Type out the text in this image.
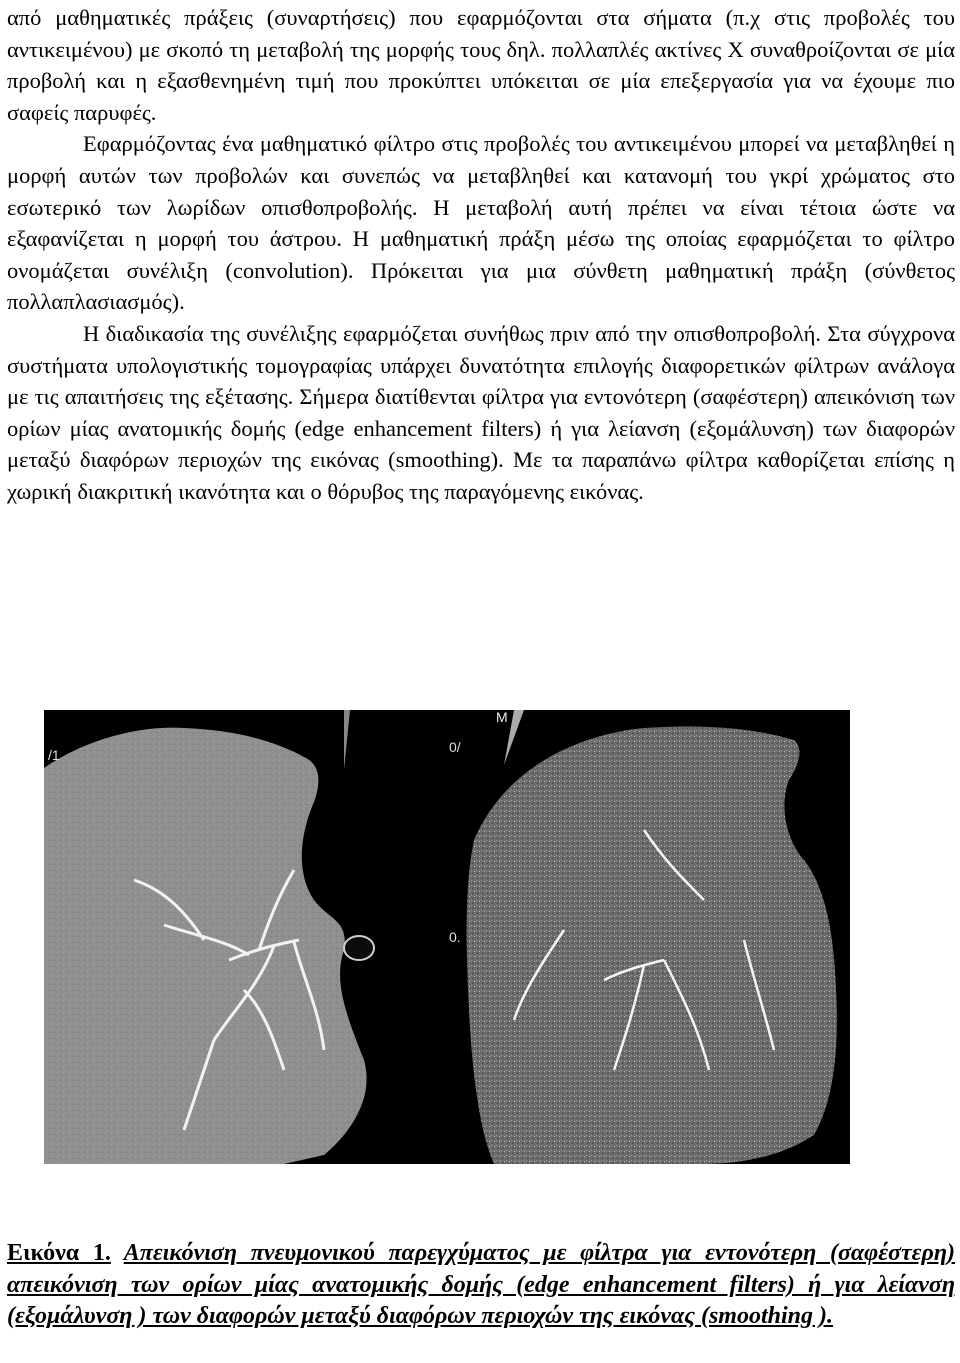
από μαθηματικές πράξεις (συναρτήσεις) που εφαρμόζονται στα σήματα (π.χ στις προβολές του αντικειμένου) με σκοπό τη μεταβολή της μορφής τους δηλ. πολλαπλές ακτίνες X συναθροίζονται σε μία προβολή και η εξασθενημένη τιμή που προκύπτει υπόκειται σε μία επεξεργασία για να έχουμε πιο σαφείς παρυφές.

Εφαρμόζοντας ένα μαθηματικό φίλτρο στις προβολές του αντικειμένου μπορεί να μεταβληθεί η μορφή αυτών των προβολών και συνεπώς να μεταβληθεί και κατανομή του γκρί χρώματος στο εσωτερικό των λωρίδων οπισθοπροβολής. Η μεταβολή αυτή πρέπει να είναι τέτοια ώστε να εξαφανίζεται η μορφή του άστρου. Η μαθηματική πράξη μέσω της οποίας εφαρμόζεται το φίλτρο ονομάζεται συνέλιξη (convolution). Πρόκειται για μια σύνθετη μαθηματική πράξη (σύνθετος πολλαπλασιασμός).

Η διαδικασία της συνέλιξης εφαρμόζεται συνήθως πριν από την οπισθοπροβολή. Στα σύγχρονα συστήματα υπολογιστικής τομογραφίας υπάρχει δυνατότητα επιλογής διαφορετικών φίλτρων ανάλογα με τις απαιτήσεις της εξέτασης. Σήμερα διατίθενται φίλτρα για εντονότερη (σαφέστερη) απεικόνιση των ορίων μίας ανατομικής δομής (edge enhancement filters) ή για λείανση (εξομάλυνση) των διαφορών μεταξύ διαφόρων περιοχών της εικόνας (smoothing). Με τα παραπάνω φίλτρα καθορίζεται επίσης η χωρική διακριτική ικανότητα και ο θόρυβος της παραγόμενης εικόνας.

/1
M
0/
0.

Εικόνα 1. Απεικόνιση πνευμονικού παρεγχύματος με φίλτρα για εντονότερη (σαφέστερη) απεικόνιση των ορίων μίας ανατομικής δομής (edge enhancement filters) ή για λείανση (εξομάλυνση ) των διαφορών μεταξύ διαφόρων περιοχών της εικόνας (smoothing ).
